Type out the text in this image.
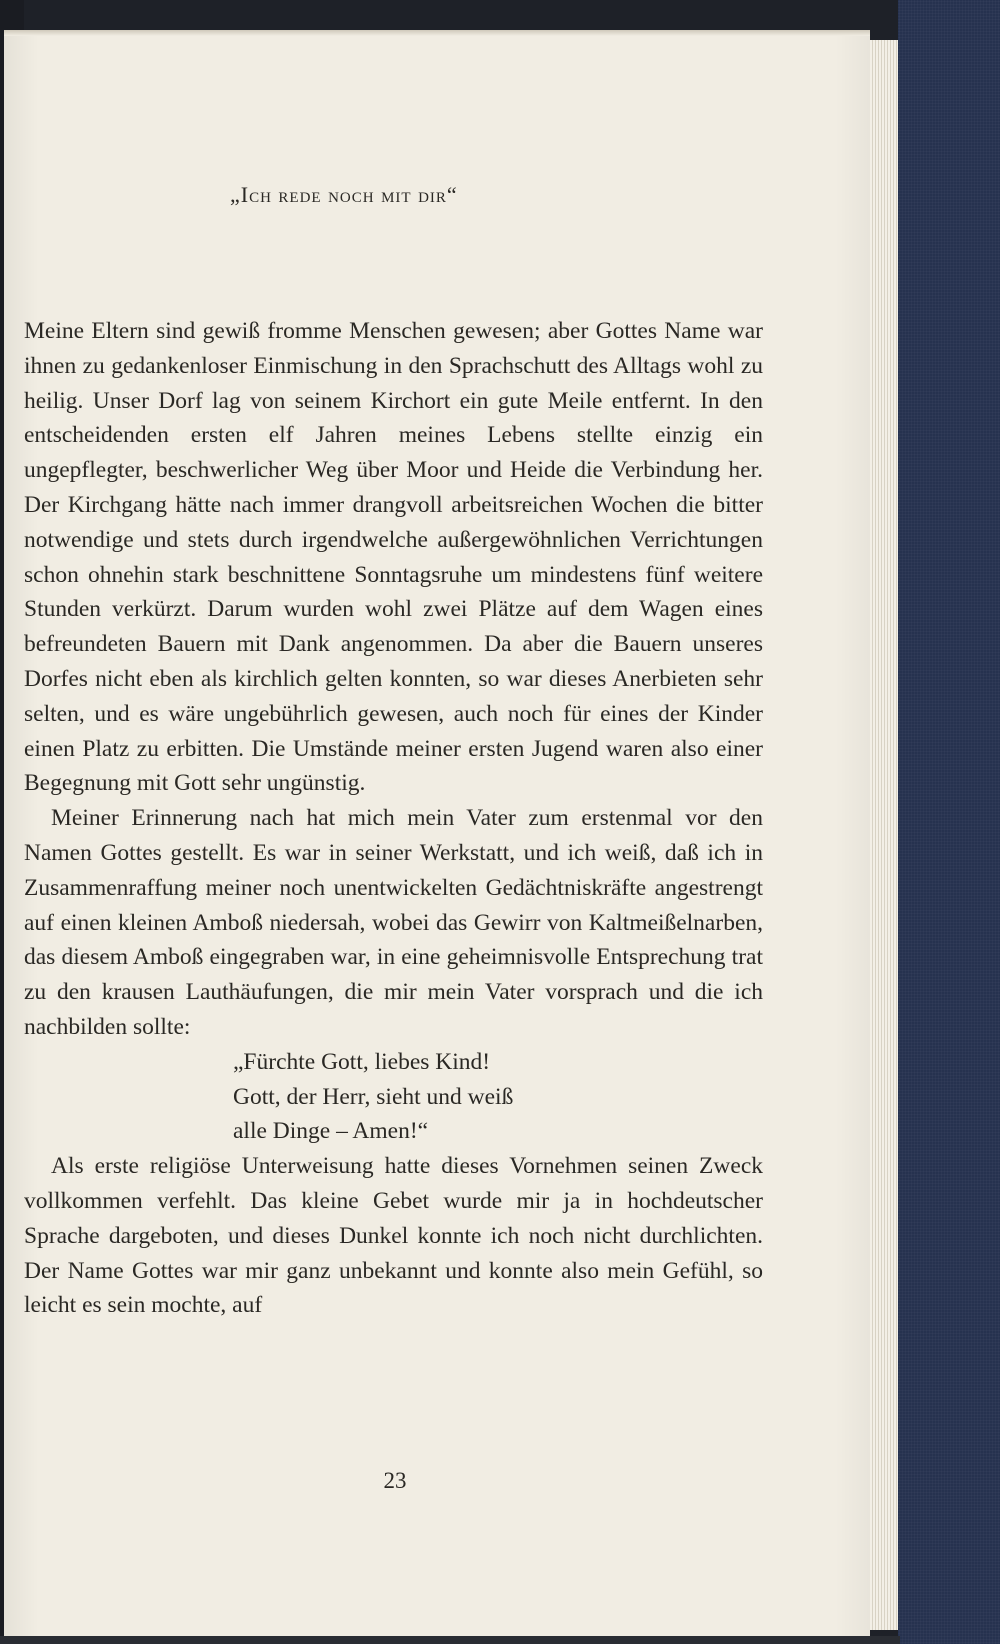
„Ich rede noch mit dir“

Meine Eltern sind gewiß fromme Menschen gewesen; aber Gottes Name war ihnen zu gedankenloser Einmischung in den Sprachschutt des Alltags wohl zu heilig. Unser Dorf lag von seinem Kirchort ein gute Meile entfernt. In den entscheidenden ersten elf Jahren meines Lebens stellte einzig ein ungepflegter, beschwerlicher Weg über Moor und Heide die Verbindung her. Der Kirchgang hätte nach immer drangvoll arbeitsreichen Wochen die bitter notwendige und stets durch irgendwelche außergewöhnlichen Verrichtungen schon ohnehin stark beschnittene Sonntagsruhe um mindestens fünf weitere Stunden verkürzt. Darum wurden wohl zwei Plätze auf dem Wagen eines befreundeten Bauern mit Dank angenommen. Da aber die Bauern unseres Dorfes nicht eben als kirchlich gelten konnten, so war dieses Anerbieten sehr selten, und es wäre ungebührlich gewesen, auch noch für eines der Kinder einen Platz zu erbitten. Die Umstände meiner ersten Jugend waren also einer Begegnung mit Gott sehr ungünstig.

Meiner Erinnerung nach hat mich mein Vater zum erstenmal vor den Namen Gottes gestellt. Es war in seiner Werkstatt, und ich weiß, daß ich in Zusammenraffung meiner noch unentwickelten Gedächtniskräfte angestrengt auf einen kleinen Amboß niedersah, wobei das Gewirr von Kaltmeißelnarben, das diesem Amboß eingegraben war, in eine geheimnisvolle Entsprechung trat zu den krausen Lauthäufungen, die mir mein Vater vorsprach und die ich nachbilden sollte:

„Fürchte Gott, liebes Kind!
Gott, der Herr, sieht und weiß
alle Dinge – Amen!“

Als erste religiöse Unterweisung hatte dieses Vornehmen seinen Zweck vollkommen verfehlt. Das kleine Gebet wurde mir ja in hochdeutscher Sprache dargeboten, und dieses Dunkel konnte ich noch nicht durchlichten. Der Name Gottes war mir ganz unbekannt und konnte also mein Gefühl, so leicht es sein mochte, auf

23
